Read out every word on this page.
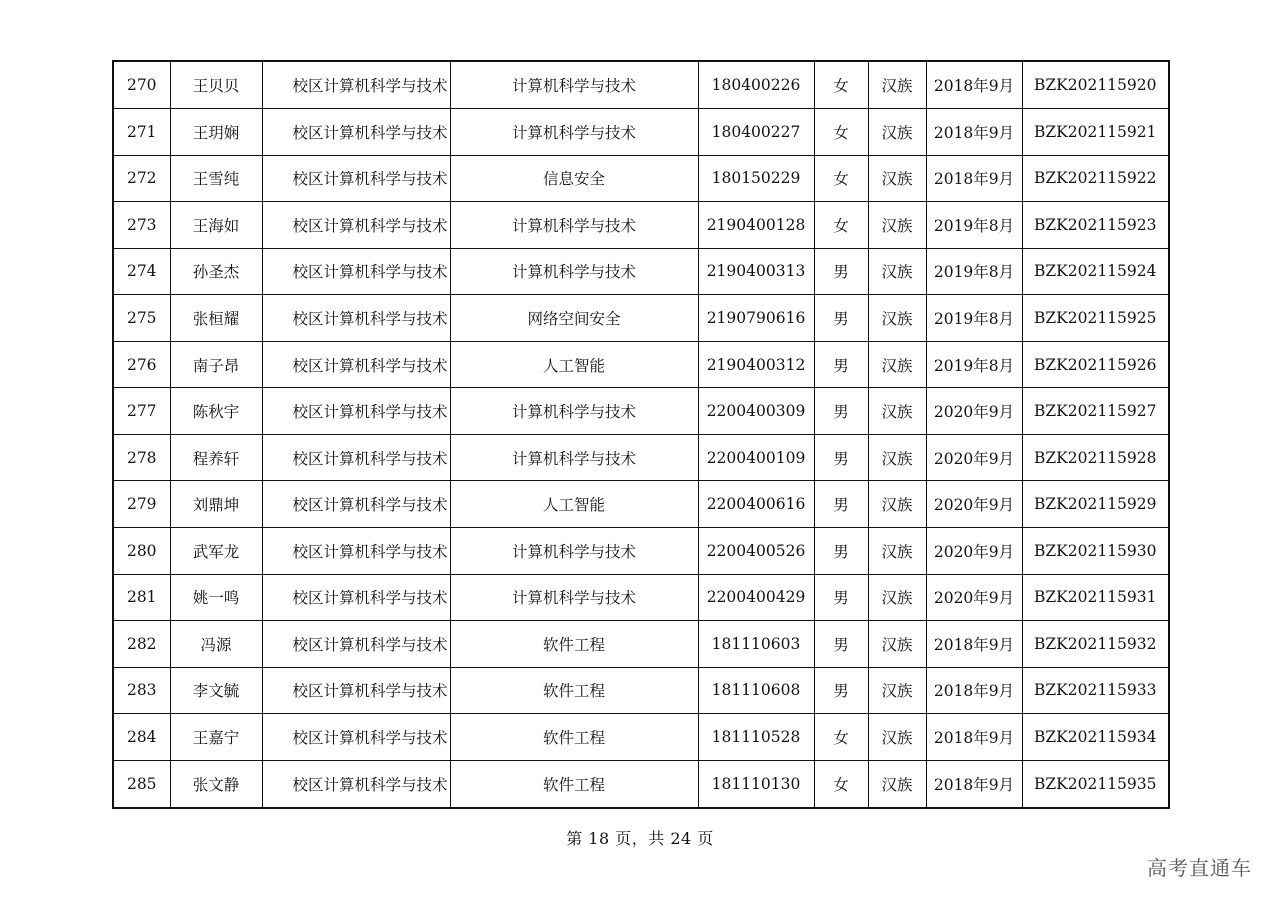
270	王贝贝	校区计算机科学与技术	计算机科学与技术	180400226	女	汉族	2018年9月	BZK202115920
271	王玥娴	校区计算机科学与技术	计算机科学与技术	180400227	女	汉族	2018年9月	BZK202115921
272	王雪纯	校区计算机科学与技术	信息安全	180150229	女	汉族	2018年9月	BZK202115922
273	王海如	校区计算机科学与技术	计算机科学与技术	2190400128	女	汉族	2019年8月	BZK202115923
274	孙圣杰	校区计算机科学与技术	计算机科学与技术	2190400313	男	汉族	2019年8月	BZK202115924
275	张桓耀	校区计算机科学与技术	网络空间安全	2190790616	男	汉族	2019年8月	BZK202115925
276	南子昂	校区计算机科学与技术	人工智能	2190400312	男	汉族	2019年8月	BZK202115926
277	陈秋宇	校区计算机科学与技术	计算机科学与技术	2200400309	男	汉族	2020年9月	BZK202115927
278	程养轩	校区计算机科学与技术	计算机科学与技术	2200400109	男	汉族	2020年9月	BZK202115928
279	刘鼎坤	校区计算机科学与技术	人工智能	2200400616	男	汉族	2020年9月	BZK202115929
280	武军龙	校区计算机科学与技术	计算机科学与技术	2200400526	男	汉族	2020年9月	BZK202115930
281	姚一鸣	校区计算机科学与技术	计算机科学与技术	2200400429	男	汉族	2020年9月	BZK202115931
282	冯源	校区计算机科学与技术	软件工程	181110603	男	汉族	2018年9月	BZK202115932
283	李文毓	校区计算机科学与技术	软件工程	181110608	男	汉族	2018年9月	BZK202115933
284	王嘉宁	校区计算机科学与技术	软件工程	181110528	女	汉族	2018年9月	BZK202115934
285	张文静	校区计算机科学与技术	软件工程	181110130	女	汉族	2018年9月	BZK202115935
第 18 页，共 24 页
高考直通车
